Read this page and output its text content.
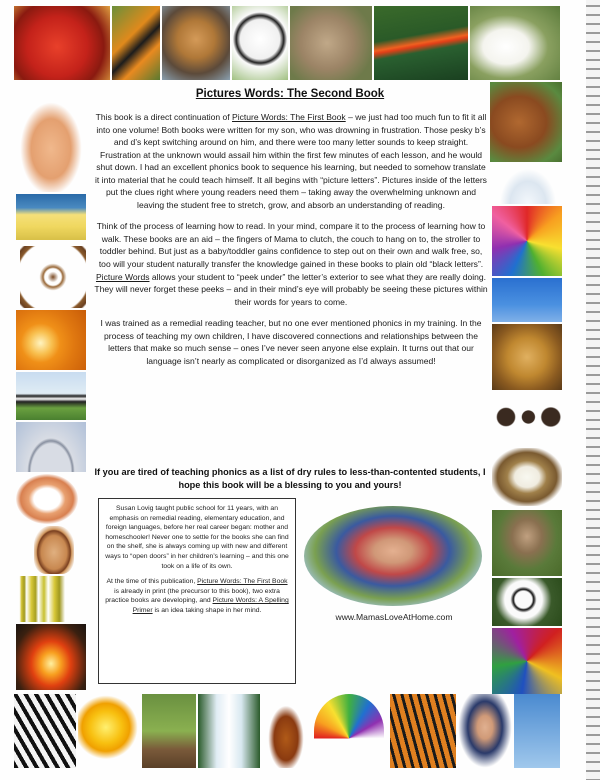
Pictures Words: The Second Book

This book is a direct continuation of Picture Words: The First Book – we just had too much fun to fit it all into one volume! Both books were written for my son, who was drowning in frustration. Those pesky b’s and d’s kept switching around on him, and there were too many letter sounds to keep straight. Frustration at the unknown would assail him within the first few minutes of each lesson, and he would shut down. I had an excellent phonics book to sequence his learning, but needed to somehow translate it into material that he could teach himself. It all begins with “picture letters”. Pictures inside of the letters put the clues right where young readers need them – taking away the overwhelming unknown and leaving the student free to stretch, grow, and absorb an understanding of reading.

Think of the process of learning how to read. In your mind, compare it to the process of learning how to walk. These books are an aid – the fingers of Mama to clutch, the couch to hang on to, the stroller to toddler behind. But just as a baby/toddler gains confidence to step out on their own and walk free, so, too will your student naturally transfer the knowledge gained in these books to plain old “black letters”. Picture Words allows your student to “peek under” the letter’s exterior to see what they are really doing. They will never forget these peeks – and in their mind’s eye will probably be seeing these pictures within their words for years to come.

I was trained as a remedial reading teacher, but no one ever mentioned phonics in my training. In the process of teaching my own children, I have discovered connections and relationships between the letters that make so much sense – ones I’ve never seen anyone else explain. It turns out that our language isn’t nearly as complicated or disorganized as I’d always assumed!

If you are tired of teaching phonics as a list of dry rules to less-than-contented students, I hope this book will be a blessing to you and yours!

Susan Lovig taught public school for 11 years, with an emphasis on remedial reading, elementary education, and foreign languages, before her real career began: mother and homeschooler! Never one to settle for the books she can find on the shelf, she is always coming up with new and different ways to “open doors” in her children’s learning – and this one took on a life of its own.

At the time of this publication, Picture Words: The First Book is already in print (the precursor to this book), two extra practice books are developing, and Picture Words: A Spelling Primer is an idea taking shape in her mind.

www.MamasLoveAtHome.com
